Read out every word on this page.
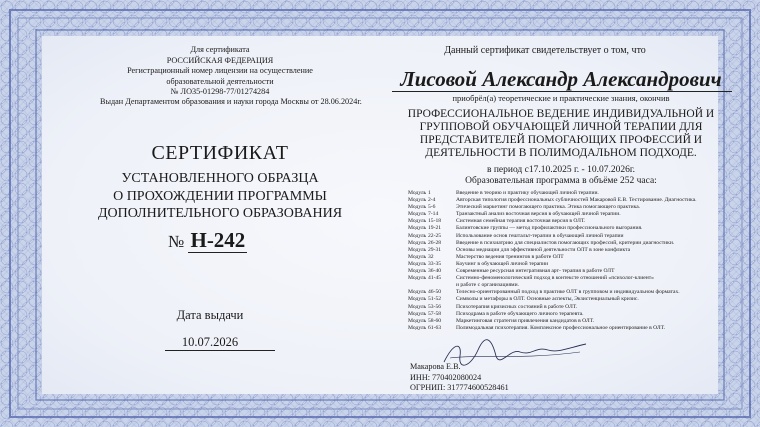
Для сертификата
РОССИЙСКАЯ ФЕДЕРАЦИЯ
Регистрационный номер лицензии на осуществление
образовательной деятельности
№ ЛО35-01298-77/01274284
Выдан Департаментом образования и науки города Москвы от 28.06.2024г.
СЕРТИФИКАТ
УСТАНОВЛЕННОГО ОБРАЗЦА
О ПРОХОЖДЕНИИ ПРОГРАММЫ
ДОПОЛНИТЕЛЬНОГО ОБРАЗОВАНИЯ
№ Н-242
Дата выдачи
10.07.2026
Данный сертификат свидетельствует о том, что
Лисовой Александр Александрович
приобрёл(а) теоретические и практические знания, окончив
ПРОФЕССИОНАЛЬНОЕ ВЕДЕНИЕ ИНДИВИДУАЛЬНОЙ И
ГРУППОВОЙ ОБУЧАЮЩЕЙ ЛИЧНОЙ ТЕРАПИИ ДЛЯ
ПРЕДСТАВИТЕЛЕЙ ПОМОГАЮЩИХ ПРОФЕССИЙ И
ДЕЯТЕЛЬНОСТИ В ПОЛИМОДАЛЬНОМ ПОДХОДЕ.
в период с17.10.2025 г. - 10.07.2026г.
Образовательная программа в объёме 252 часа:
Модуль 1	Введение в теорию и практику обучающей личной терапии.
Модуль 2-4	Авторская типология профессиональных субличностей Макаровой Е.В. Тестирование. Диагностика.
Модуль 5-6	Этический маркетинг помогающего практика. Этика помогающего практика.
Модуль 7-14	Транзактный анализ восточная версия в обучающей личной терапии.
Модуль 15-18	Системная семейная терапия восточная версия в ОЛТ.
Модуль 19-21	Балинтовские группы — метод профилактики профессионального выгорания.
Модуль 22-25	Использование основ гештальт-терапии в обучающей личной терапии
Модуль 26-28	Введение в психиатрию для специалистов помогающих профессий, критерии диагностики.
Модуль 29-31	Основы медиации для эффективной деятельности ОЛТ в зоне конфликта
Модуль 32	Мастерство ведения тренингов в работе ОЛТ
Модуль 33-35	Коучинг в обучающей личной терапии
Модуль 36-40	Современные ресурсная интегративная арт- терапия в работе ОЛТ
Модуль 41-45	Системно-феноменологический подход в контексте отношений «психолог-клиент»
и работе с организациями.
Модуль 46-50	Телесно-ориентированный подход в практике ОЛТ в групповом и индивидуальном форматах.
Модуль 51-52	Символы и метафоры в ОЛТ. Основные аспекты, Экзистенциальный кризис.
Модуль 53-56	Психотерапия кризисных состояний в работе ОЛТ.
Модуль 57-58	Психодрама в работе обучающего личного терапевта.
Модуль 58-60	Маркетинговая стратегия привлечения кандидатов в ОЛТ.
Модуль 61-63	Полимодальная психотерапия. Комплексное профессиональное ориентирование в ОЛТ.
Макарова Е.В.
ИНН: 770402080024
ОГРНИП: 317774600528461
